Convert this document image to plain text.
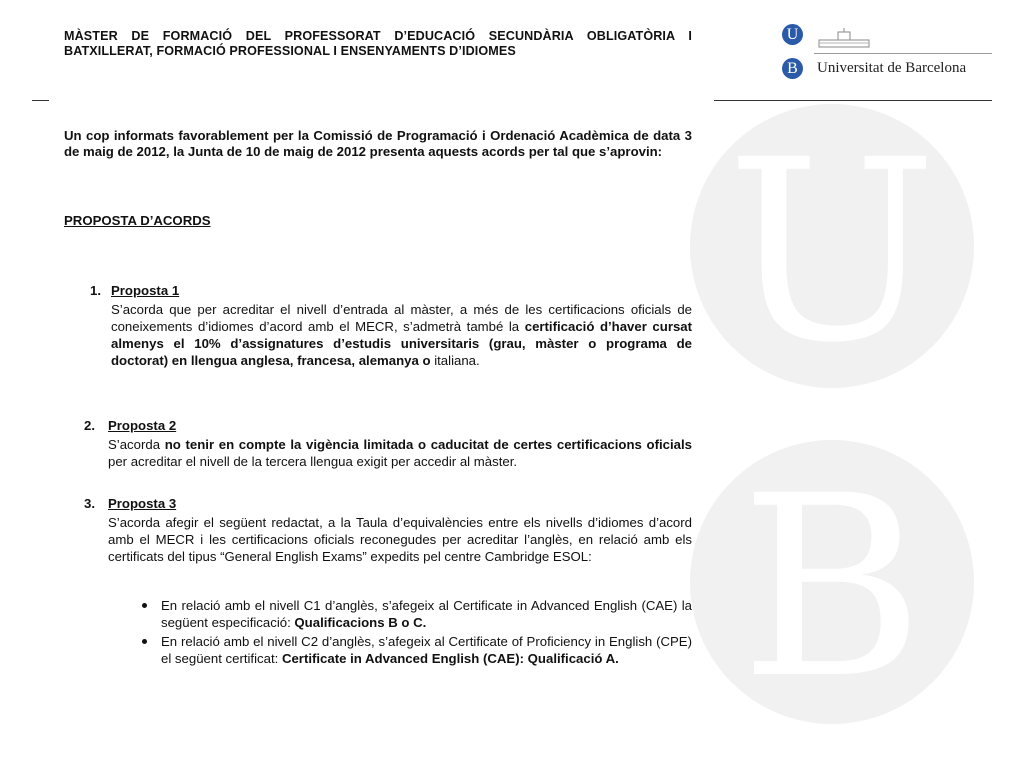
U
B
MÀSTER DE FORMACIÓ DEL PROFESSORAT D’EDUCACIÓ SECUNDÀRIA OBLIGATÒRIA I BATXILLERAT, FORMACIÓ PROFESSIONAL I ENSENYAMENTS D’IDIOMES
U
B	Universitat de Barcelona
Un cop informats favorablement per la Comissió de Programació i Ordenació Acadèmica de data 3 de maig de 2012, la Junta de 10 de maig de 2012 presenta aquests acords per tal que s’aprovin:
PROPOSTA D’ACORDS
1. Proposta 1
S’acorda que per acreditar el nivell d’entrada al màster, a més de les certificacions oficials de coneixements d’idiomes d’acord amb el MECR, s’admetrà també la certificació d’haver cursat almenys el 10% d’assignatures d’estudis universitaris (grau, màster o programa de doctorat) en llengua anglesa, francesa, alemanya o italiana.
2. Proposta 2
S’acorda no tenir en compte la vigència limitada o caducitat de certes certificacions oficials per acreditar el nivell de la tercera llengua exigit per accedir al màster.
3. Proposta 3
S’acorda afegir el següent redactat, a la Taula d’equivalències entre els nivells d’idiomes d’acord amb el MECR i les certificacions oficials reconegudes per acreditar l’anglès, en relació amb els certificats del tipus “General English Exams” expedits pel centre Cambridge ESOL:
En relació amb el nivell C1 d’anglès, s’afegeix al Certificate in Advanced English (CAE) la següent especificació: Qualificacions B o C.
En relació amb el nivell C2 d’anglès, s’afegeix al Certificate of Proficiency in English (CPE) el següent certificat: Certificate in Advanced English (CAE): Qualificació A.
